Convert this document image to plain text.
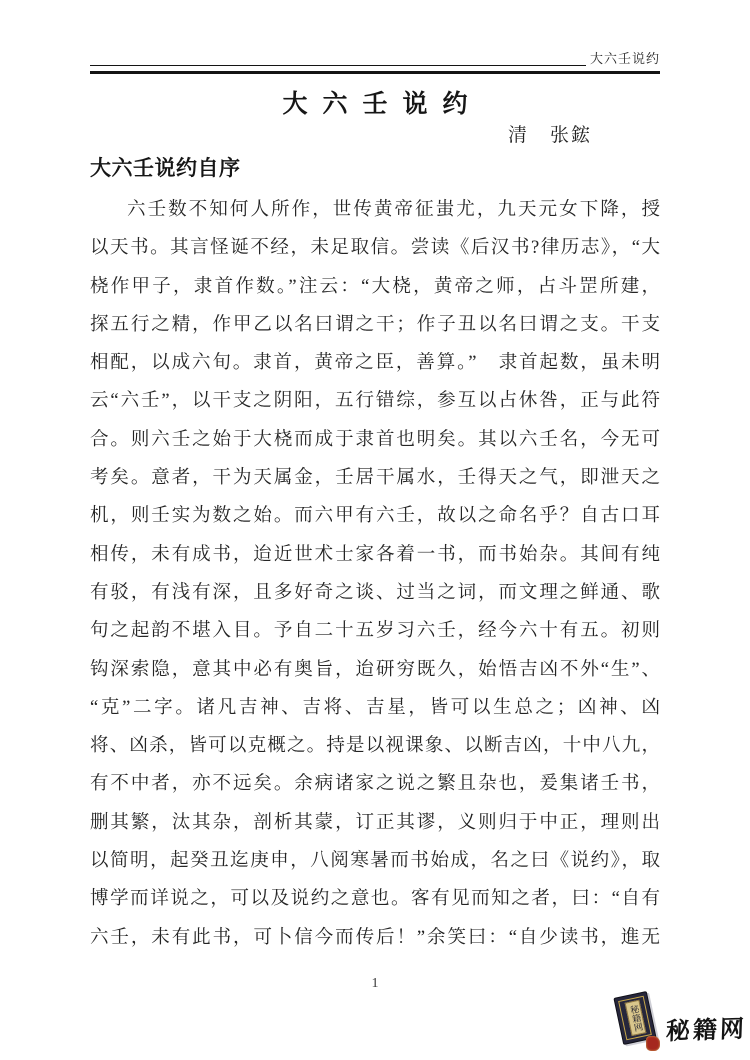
大六壬说约
大六壬说约
清　张鋐
大六壬说约自序
六壬数不知何人所作，世传黄帝征蚩尤，九天元女下降，授
以天书。其言怪诞不经，未足取信。尝读《后汉书?律历志》，“大
桡作甲子，隶首作数。”注云：“大桡，黄帝之师，占斗罡所建，
探五行之精，作甲乙以名曰谓之干；作子丑以名曰谓之支。干支
相配，以成六旬。隶首，黄帝之臣，善算。”　隶首起数，虽未明
云“六壬”，以干支之阴阳，五行错综，参互以占休咎，正与此符
合。则六壬之始于大桡而成于隶首也明矣。其以六壬名，今无可
考矣。意者，干为天属金，壬居干属水，壬得天之气，即泄天之
机，则壬实为数之始。而六甲有六壬，故以之命名乎？自古口耳
相传，未有成书，迨近世术士家各着一书，而书始杂。其间有纯
有驳，有浅有深，且多好奇之谈、过当之词，而文理之鲜通、歌
句之起韵不堪入目。予自二十五岁习六壬，经今六十有五。初则
钩深索隐，意其中必有奥旨，迨研穷既久，始悟吉凶不外“生”、
“克”二字。诸凡吉神、吉将、吉星，皆可以生总之；凶神、凶
将、凶杀，皆可以克概之。持是以视课象、以断吉凶，十中八九，
有不中者，亦不远矣。余病诸家之说之繁且杂也，爰集诸壬书，
删其繁，汰其杂，剖析其蒙，订正其谬，义则归于中正，理则出
以简明，起癸丑迄庚申，八阅寒暑而书始成，名之曰《说约》，取
博学而详说之，可以及说约之意也。客有见而知之者，曰：“自有
六壬，未有此书，可卜信今而传后！”余笑曰：“自少读书，進无
1
秘籍网 秘籍网
